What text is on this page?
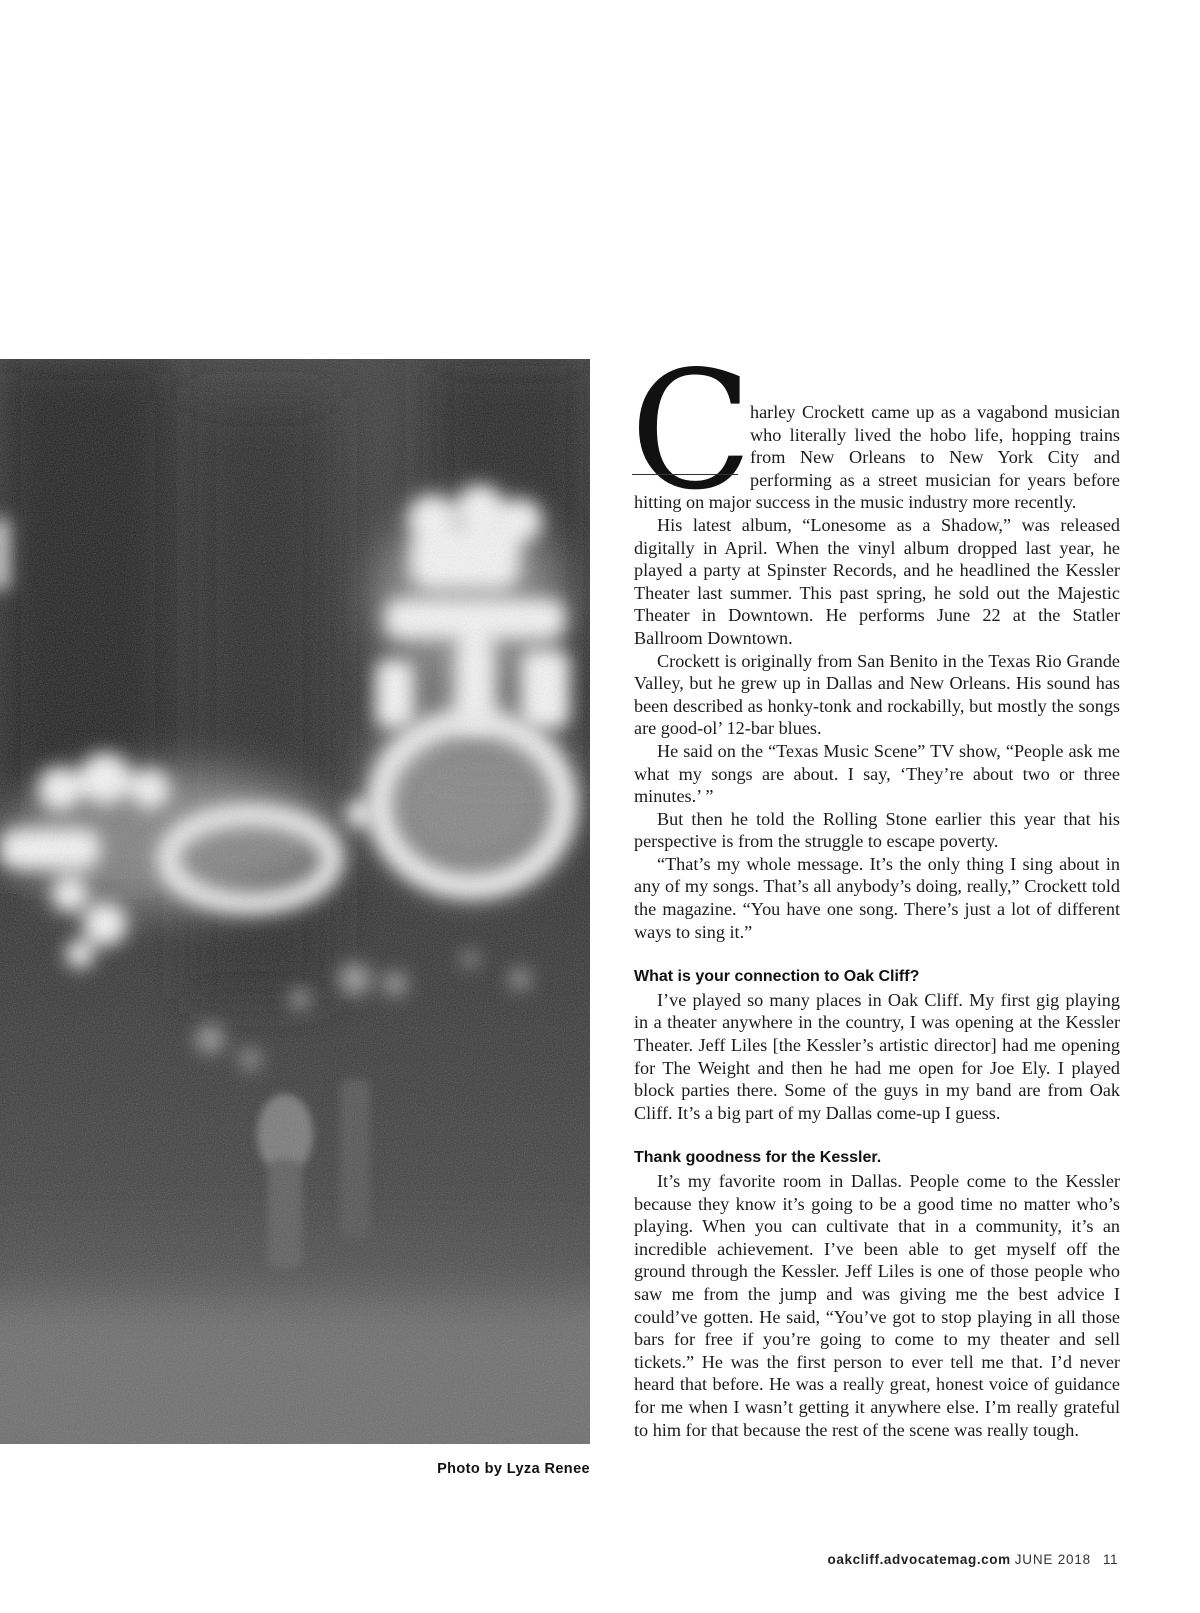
Photo by Lyza Renee

C
harley Crockett came up as a vagabond musician who literally lived the hobo life, hopping trains from New Orleans to New York City and performing as a street musician for years before hitting on major success in the music industry more recently.

His latest album, “Lonesome as a Shadow,” was released digitally in April. When the vinyl album dropped last year, he played a party at Spinster Records, and he headlined the Kessler Theater last summer. This past spring, he sold out the Majestic Theater in Downtown. He performs June 22 at the Statler Ballroom Downtown.

Crockett is originally from San Benito in the Texas Rio Grande Valley, but he grew up in Dallas and New Orleans. His sound has been described as honky-tonk and rockabilly, but mostly the songs are good-ol’ 12-bar blues.

He said on the “Texas Music Scene” TV show, “People ask me what my songs are about. I say, ‘They’re about two or three minutes.’ ”

But then he told the Rolling Stone earlier this year that his perspective is from the struggle to escape poverty.

“That’s my whole message. It’s the only thing I sing about in any of my songs. That’s all anybody’s doing, really,” Crockett told the magazine. “You have one song. There’s just a lot of different ways to sing it.”

What is your connection to Oak Cliff?

I’ve played so many places in Oak Cliff. My first gig playing in a theater anywhere in the country, I was opening at the Kessler Theater. Jeff Liles [the Kessler’s artistic director] had me opening for The Weight and then he had me open for Joe Ely. I played block parties there. Some of the guys in my band are from Oak Cliff. It’s a big part of my Dallas come-up I guess.

Thank goodness for the Kessler.

It’s my favorite room in Dallas. People come to the Kessler because they know it’s going to be a good time no matter who’s playing. When you can cultivate that in a community, it’s an incredible achievement. I’ve been able to get myself off the ground through the Kessler. Jeff Liles is one of those people who saw me from the jump and was giving me the best advice I could’ve gotten. He said, “You’ve got to stop playing in all those bars for free if you’re going to come to my theater and sell tickets.” He was the first person to ever tell me that. I’d never heard that before. He was a really great, honest voice of guidance for me when I wasn’t getting it anywhere else. I’m really grateful to him for that because the rest of the scene was really tough.

oakcliff.advocatemag.com JUNE 2018 11
